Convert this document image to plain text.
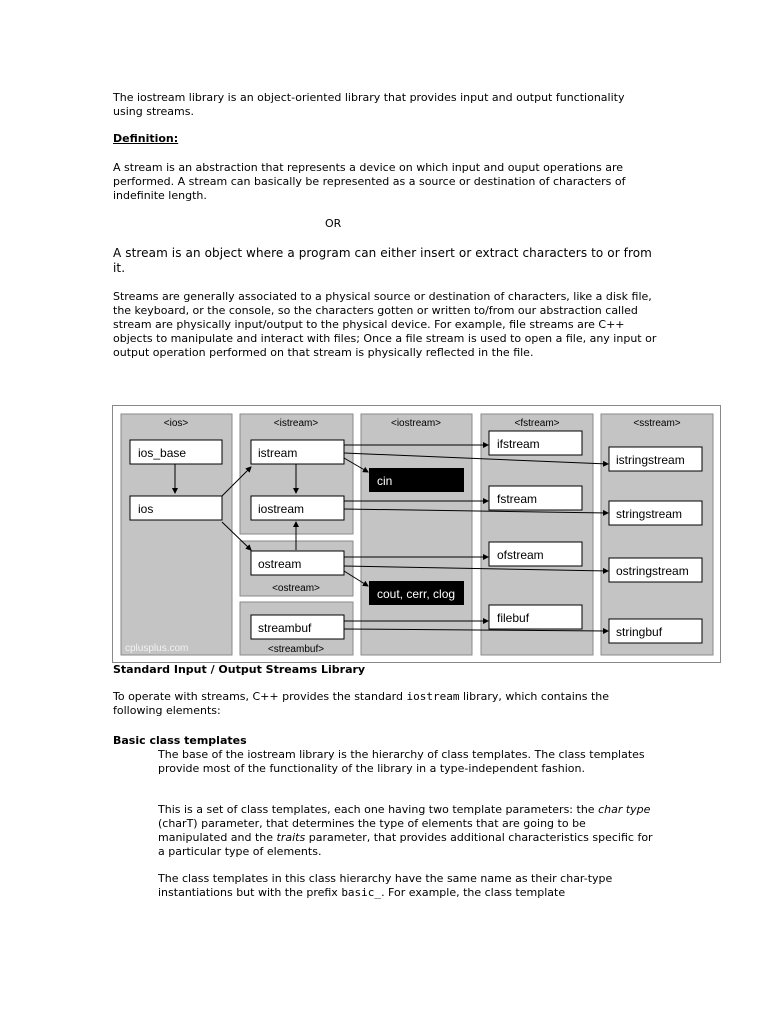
The iostream library is an object-oriented library that provides input and output functionality using streams.

Definition:

A stream is an abstraction that represents a device on which input and ouput operations are performed. A stream can basically be represented as a source or destination of characters of indefinite length.

OR

A stream is an object where a program can either insert or extract characters to or from it.

Streams are generally associated to a physical source or destination of characters, like a disk file, the keyboard, or the console, so the characters gotten or written to/from our abstraction called stream are physically input/output to the physical device. For example, file streams are C++ objects to manipulate and interact with files; Once a file stream is used to open a file, any input or output operation performed on that stream is physically reflected in the file.

<ios>	<istream>	<iostream>	<fstream>	<sstream>
ios_base
ios
istream
iostream
ostream
streambuf
ifstream
fstream
ofstream
filebuf
istringstream
stringstream
ostringstream
stringbuf
cin
cout, cerr, clog
<ostream>
<streambuf>
cplusplus.com

Standard Input / Output Streams Library

To operate with streams, C++ provides the standard iostream library, which contains the following elements:

Basic class templates

The base of the iostream library is the hierarchy of class templates. The class templates provide most of the functionality of the library in a type-independent fashion.

This is a set of class templates, each one having two template parameters: the char type (charT) parameter, that determines the type of elements that are going to be manipulated and the traits parameter, that provides additional characteristics specific for a particular type of elements.

The class templates in this class hierarchy have the same name as their char-type instantiations but with the prefix basic_. For example, the class template
